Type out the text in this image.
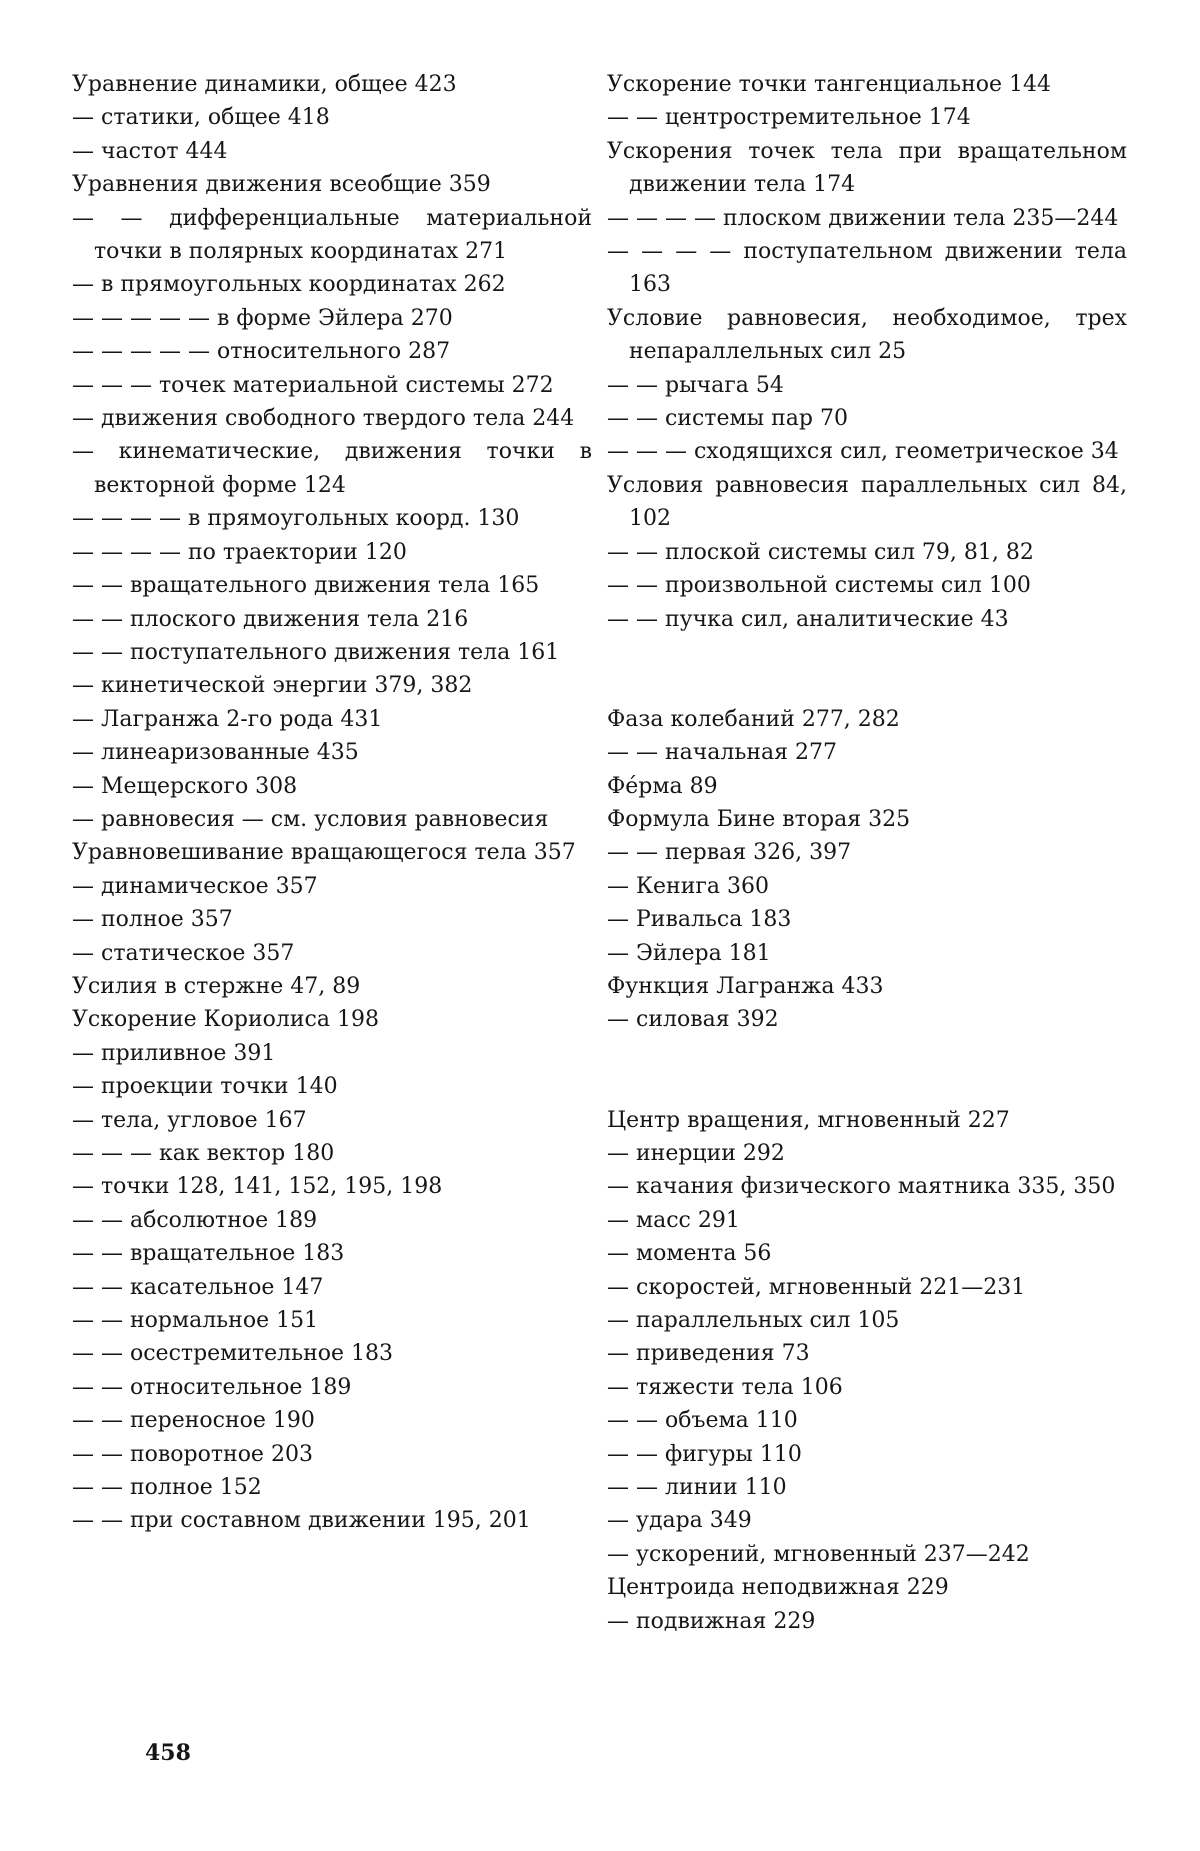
Уравнение динамики, общее 423

— статики, общее 418

— частот 444

Уравнения движения всеобщие 359

— — дифференциальные материальной точки в полярных координатах 271

— в прямоугольных координатах 262

— — — — — в форме Эйлера 270

— — — — — относительного 287

— — — точек материальной системы 272

— движения свободного твердого тела 244

— кинематические, движения точки в векторной форме 124

— — — — в прямоугольных коорд. 130

— — — — по траектории 120

— — вращательного движения тела 165

— — плоского движения тела 216

— — поступательного движения тела 161

— кинетической энергии 379, 382

— Лагранжа 2-го рода 431

— линеаризованные 435

— Мещерского 308

— равновесия — см. условия равновесия

Уравновешивание вращающегося тела 357

— динамическое 357

— полное 357

— статическое 357

Усилия в стержне 47, 89

Ускорение Кориолиса 198

— приливное 391

— проекции точки 140

— тела, угловое 167

— — — как вектор 180

— точки 128, 141, 152, 195, 198

— — абсолютное 189

— — вращательное 183

— — касательное 147

— — нормальное 151

— — осестремительное 183

— — относительное 189

— — переносное 190

— — поворотное 203

— — полное 152

— — при составном движении 195, 201

Ускорение точки тангенциальное 144

— — центростремительное 174

Ускорения точек тела при вращательном движении тела 174

— — — — плоском движении тела 235—244

— — — — поступательном движении тела 163

Условие равновесия, необходимое, трех непараллельных сил 25

— — рычага 54

— — системы пар 70

— — — сходящихся сил, геометрическое 34

Условия равновесия параллельных сил 84, 102

— — плоской системы сил 79, 81, 82

— — произвольной системы сил 100

— — пучка сил, аналитические 43

Фаза колебаний 277, 282

— — начальная 277

Фéрма 89

Формула Бине вторая 325

— — первая 326, 397

— Кенига 360

— Ривальса 183

— Эйлера 181

Функция Лагранжа 433

— силовая 392

Центр вращения, мгновенный 227

— инерции 292

— качания физического маятника 335, 350

— масс 291

— момента 56

— скоростей, мгновенный 221—231

— параллельных сил 105

— приведения 73

— тяжести тела 106

— — объема 110

— — фигуры 110

— — линии 110

— удара 349

— ускорений, мгновенный 237—242

Центроида неподвижная 229

— подвижная 229

458
